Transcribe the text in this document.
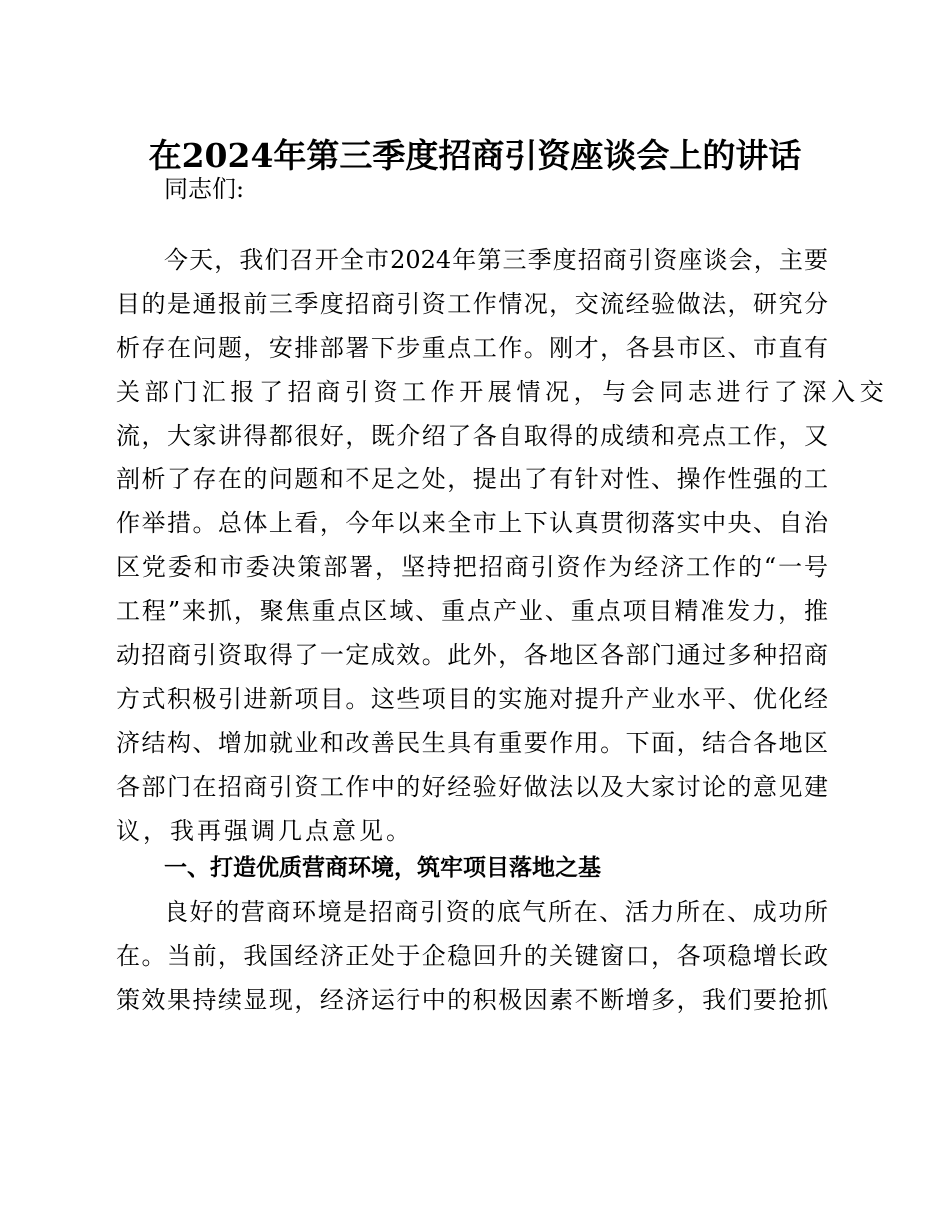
在2024年第三季度招商引资座谈会上的讲话
同志们:
今天，我们召开全市2024年第三季度招商引资座谈会，主要
目的是通报前三季度招商引资工作情况，交流经验做法，研究分
析存在问题，安排部署下步重点工作。刚才，各县市区、市直有
关部门汇报了招商引资工作开展情况，与会同志进行了深入交
流，大家讲得都很好，既介绍了各自取得的成绩和亮点工作，又
剖析了存在的问题和不足之处，提出了有针对性、操作性强的工
作举措。总体上看，今年以来全市上下认真贯彻落实中央、自治
区党委和市委决策部署，坚持把招商引资作为经济工作的“一号
工程”来抓，聚焦重点区域、重点产业、重点项目精准发力，推
动招商引资取得了一定成效。此外，各地区各部门通过多种招商
方式积极引进新项目。这些项目的实施对提升产业水平、优化经
济结构、增加就业和改善民生具有重要作用。下面，结合各地区
各部门在招商引资工作中的好经验好做法以及大家讨论的意见建
议，我再强调几点意见。
一、打造优质营商环境，筑牢项目落地之基
良好的营商环境是招商引资的底气所在、活力所在、成功所
在。当前，我国经济正处于企稳回升的关键窗口，各项稳增长政
策效果持续显现，经济运行中的积极因素不断增多，我们要抢抓
